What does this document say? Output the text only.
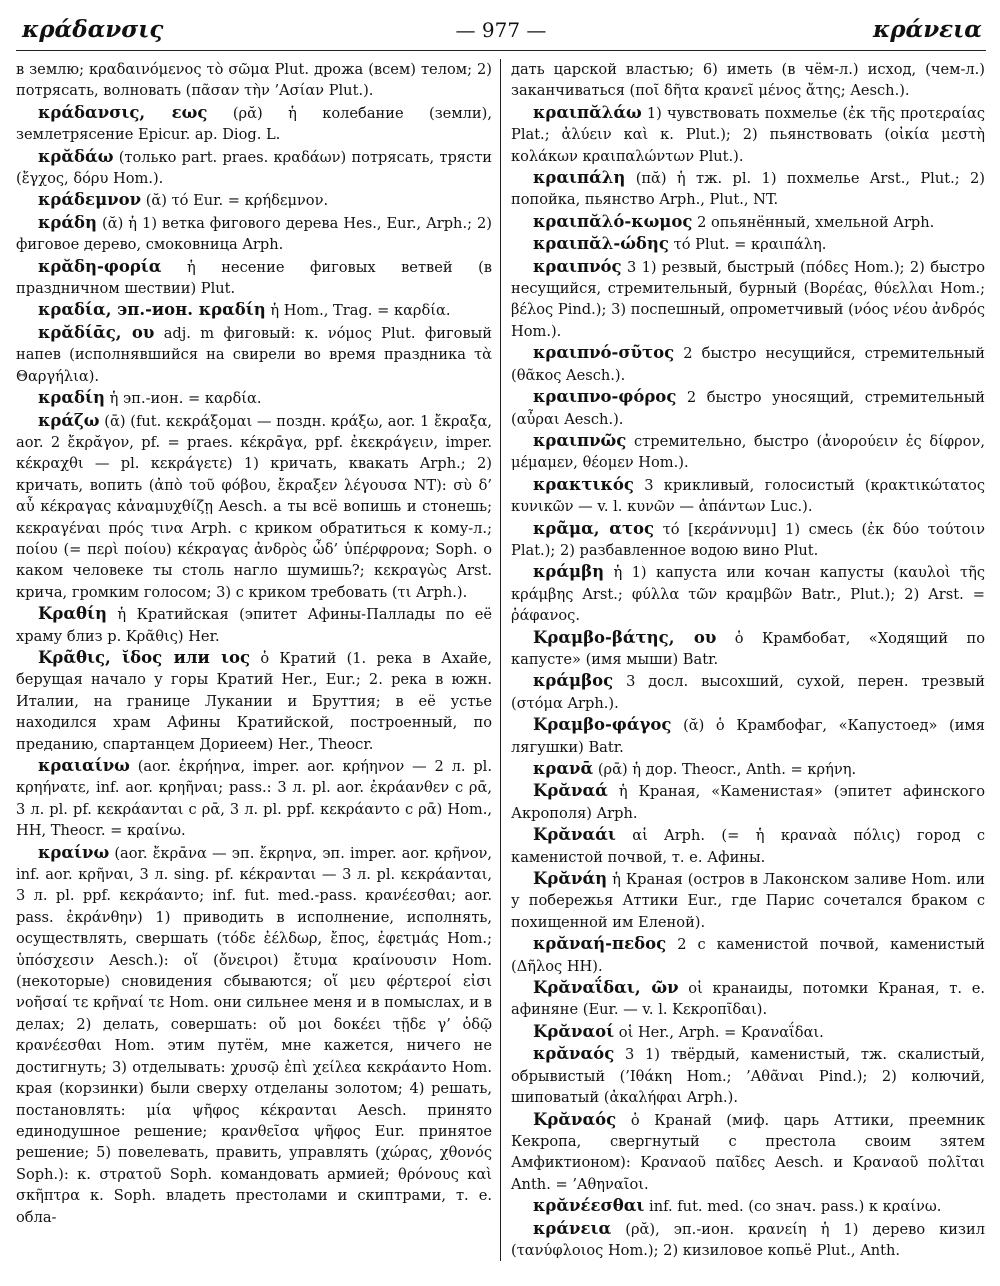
κράδανσις	— 977 —	κράνεια

в землю; κραδαινόμενος τὸ σῶμα Plut. дрожа (всем) телом; 2) потрясать, волновать (πᾶσαν τὴν ’Ασίαν Plut.).

κράδανσις, εως (ρᾰ) ἡ колебание (земли), землетрясение Epicur. ap. Diog. L.

κρᾰδάω (только part. praes. κραδάων) потрясать, трясти (ἔγχος, δόρυ Hom.).

κράδεμνον (ᾰ) τό Eur. = κρήδεμνον.

κράδη (ᾰ) ἡ 1) ветка фигового дерева Hes., Eur., Arph.; 2) фиговое дерево, смоковница Arph.

κρᾰδη-φορία ἡ несение фиговых ветвей (в праздничном шествии) Plut.

κραδία, эп.-ион. κραδίη ἡ Hom., Trag. = καρδία.

κρᾰδίᾱς, ου adj. m фиговый: κ. νόμος Plut. фиговый напев (исполнявшийся на свирели во время праздника τὰ Θαργήλια).

κραδίη ἡ эп.-ион. = καρδία.

κράζω (ᾱ) (fut. κεκράξομαι — поздн. κράξω, aor. 1 ἔκραξα, aor. 2 ἔκρᾰγον, pf. = praes. κέκρᾱγα, ppf. ἐκεκράγειν, imper. κέκραχθι — pl. κεκράγετε) 1) кричать, квакать Arph.; 2) кричать, вопить (ἀπὸ τοῦ φόβου, ἔκραξεν λέγουσα NT): σὺ δ’ αὖ κέκραγας κἀναμυχθίζῃ Aesch. а ты всё вопишь и стонешь; κεκραγέναι πρός τινα Arph. с криком обратиться к кому-л.; ποίου (= περὶ ποίου) κέκραγας ἀνδρὸς ὧδ’ ὑπέρφρονα; Soph. о каком человеке ты столь нагло шумишь?; κεκραγὼς Arst. крича, громким голосом; 3) с криком требовать (τι Arph.).

Κραθίη ἡ Кратийская (эпитет Афины-Паллады по её храму близ р. Κρᾶθις) Her.

Κρᾶθις, ῐδος или ιος ὁ Кратий (1. река в Ахайе, берущая начало у горы Кратий Her., Eur.; 2. река в южн. Италии, на границе Лукании и Бруттия; в её устье находился храм Афины Кратийской, построенный, по преданию, спартанцем Дориеем) Her., Theocr.

κραιαίνω (aor. ἐκρήηνα, imper. aor. κρήηνον — 2 л. pl. κρηήνατε, inf. aor. κρηῆναι; pass.: 3 л. pl. aor. ἐκράανθεν с ρᾱ, 3 л. pl. pf. κεκράανται с ρᾱ, 3 л. pl. ppf. κεκράαντο с ρᾱ) Hom., HH, Theocr. = κραίνω.

κραίνω (aor. ἔκρᾱνα — эп. ἔκρηνα, эп. imper. aor. κρῆνον, inf. aor. κρῆναι, 3 л. sing. pf. κέκρανται — 3 л. pl. κεκράανται, 3 л. pl. ppf. κεκράαντο; inf. fut. med.-pass. κρανέεσθαι; aor. pass. ἐκράνθην) 1) приводить в исполнение, исполнять, осуществлять, свершать (τόδε ἐέλδωρ, ἔπος, ἐφετμάς Hom.; ὑπόσχεσιν Aesch.): οἵ (ὄνειροι) ἔτυμα κραίνουσιν Hom. (некоторые) сновидения сбываются; οἵ μευ φέρτεροί εἰσι νοῆσαί τε κρῆναί τε Hom. они сильнее меня и в помыслах, и в делах; 2) делать, совершать: οὔ μοι δοκέει τῇδε γ’ ὁδῷ κρανέεσθαι Hom. этим путём, мне кажется, ничего не достигнуть; 3) отделывать: χρυσῷ ἐπὶ χείλεα κεκράαντο Hom. края (корзинки) были сверху отделаны золотом; 4) решать, постановлять: μία ψῆφος κέκρανται Aesch. принято единодушное решение; κρανθεῖσα ψῆφος Eur. принятое решение; 5) повелевать, править, управлять (χώρας, χθονός Soph.): κ. στρατοῦ Soph. командовать армией; θρόνους καὶ σκῆπτρα κ. Soph. владеть престолами и скиптрами, т. е. обла-

дать царской властью; 6) иметь (в чём-л.) исход, (чем-л.) заканчиваться (ποῖ δῆτα κρανεῖ μένος ἄτης; Aesch.).

κραιπᾰλάω 1) чувствовать похмелье (ἐκ τῆς προτεραίας Plat.; ἀλύειν καὶ κ. Plut.); 2) пьянствовать (οἰκία μεστὴ κολάκων κραιπαλώντων Plut.).

κραιπάλη (πᾰ) ἡ тж. pl. 1) похмелье Arst., Plut.; 2) попойка, пьянство Arph., Plut., NT.

κραιπᾰλό-κωμος 2 опьянённый, хмельной Arph.

κραιπᾰλ-ώδης τό Plut. = κραιπάλη.

κραιπνός 3 1) резвый, быстрый (πόδες Hom.); 2) быстро несущийся, стремительный, бурный (Βορέας, θύελλαι Hom.; βέλος Pind.); 3) поспешный, опрометчивый (νόος νέου ἀνδρός Hom.).

κραιπνό-σῦτος 2 быстро несущийся, стремительный (θᾶκος Aesch.).

κραιπνο-φόρος 2 быстро уносящий, стремительный (αὖραι Aesch.).

κραιπνῶς стремительно, быстро (ἀνορούειν ἐς δίφρον, μέμαμεν, θέομεν Hom.).

κρακτικός 3 крикливый, голосистый (κρακτικώτατος κυνικῶν — v. l. κυνῶν — ἁπάντων Luc.).

κρᾶμα, ατος τό [κεράννυμι] 1) смесь (ἐκ δύο τούτοιν Plat.); 2) разбавленное водою вино Plut.

κράμβη ἡ 1) капуста или кочан капусты (καυλοὶ τῆς κράμβης Arst.; φύλλα τῶν κραμβῶν Batr., Plut.); 2) Arst. = ῥάφανος.

Κραμβο-βάτης, ου ὁ Крамбобат, «Ходящий по капусте» (имя мыши) Batr.

κράμβος 3 досл. высохший, сухой, перен. трезвый (στόμα Arph.).

Κραμβο-φάγος (ᾰ) ὁ Крамбофаг, «Капустоед» (имя лягушки) Batr.

κρανᾱ (ρᾱ) ἡ дор. Theocr., Anth. = κρήνη.

Κρᾰναά ἡ Краная, «Каменистая» (эпитет афинского Акрополя) Arph.

Κρᾰναάι αἱ Arph. (= ἡ κραναὰ πόλις) город с каменистой почвой, т. е. Афины.

Κρᾰνάη ἡ Краная (остров в Лаконском заливе Hom. или у побережья Аттики Eur., где Парис сочетался браком с похищенной им Еленой).

κρᾰναή-πεδος 2 с каменистой почвой, каменистый (Δῆλος HH).

Κρᾰναΐδαι, ῶν οἱ кранаиды, потомки Краная, т. е. афиняне (Eur. — v. l. Κεκροπῖδαι).

Κρᾰναοί οἱ Her., Arph. = Κραναΐδαι.

κρᾰναός 3 1) твёрдый, каменистый, тж. скалистый, обрывистый (’Ιθάκη Hom.; ’Αθᾶναι Pind.); 2) колючий, шиповатый (ἀκαλήφαι Arph.).

Κρᾰναός ὁ Кранай (миф. царь Аттики, преемник Кекропа, свергнутый с престола своим зятем Амфиктионом): Κραναοῦ παῖδες Aesch. и Κραναοῦ πολῖται Anth. = ’Αθηναῖοι.

κρᾰνέεσθαι inf. fut. med. (со знач. pass.) к κραίνω.

κράνεια (ρᾰ), эп.-ион. κρανείη ἡ 1) дерево кизил (τανύφλοιος Hom.); 2) кизиловое копьё Plut., Anth.
